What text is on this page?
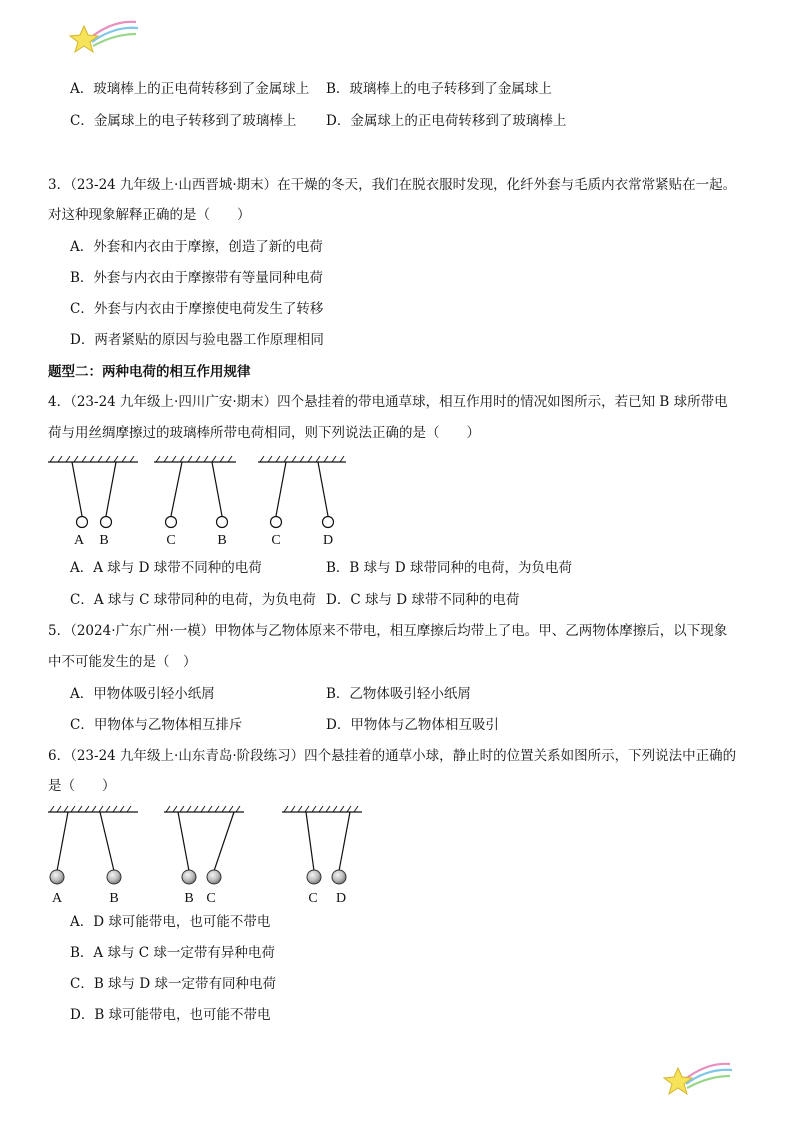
A．玻璃棒上的正电荷转移到了金属球上 B．玻璃棒上的电子转移到了金属球上
C．金属球上的电子转移到了玻璃棒上 D．金属球上的正电荷转移到了玻璃棒上
3．（23-24 九年级上·山西晋城·期末）在干燥的冬天，我们在脱衣服时发现，化纤外套与毛质内衣常常紧贴在一起。
对这种现象解释正确的是（　　）
A．外套和内衣由于摩擦，创造了新的电荷
B．外套与内衣由于摩擦带有等量同种电荷
C．外套与内衣由于摩擦使电荷发生了转移
D．两者紧贴的原因与验电器工作原理相同
题型二：两种电荷的相互作用规律
4．（23-24 九年级上·四川广安·期末）四个悬挂着的带电通草球，相互作用时的情况如图所示，若已知 B 球所带电
荷与用丝绸摩擦过的玻璃棒所带电荷相同，则下列说法正确的是（　　）
A B	C	B	C	D
A．A 球与 D 球带不同种的电荷	B．B 球与 D 球带同种的电荷，为负电荷
C．A 球与 C 球带同种的电荷，为负电荷 D．C 球与 D 球带不同种的电荷
5．（2024·广东广州·一模）甲物体与乙物体原来不带电，相互摩擦后均带上了电。甲、乙两物体摩擦后，以下现象
中不可能发生的是（　）
A．甲物体吸引轻小纸屑	B．乙物体吸引轻小纸屑
C．甲物体与乙物体相互排斥	D．甲物体与乙物体相互吸引
6．（23-24 九年级上·山东青岛·阶段练习）四个悬挂着的通草小球，静止时的位置关系如图所示，下列说法中正确的
是（　　）
A	B	B C	C D
A．D 球可能带电，也可能不带电
B．A 球与 C 球一定带有异种电荷
C．B 球与 D 球一定带有同种电荷
D．B 球可能带电，也可能不带电
